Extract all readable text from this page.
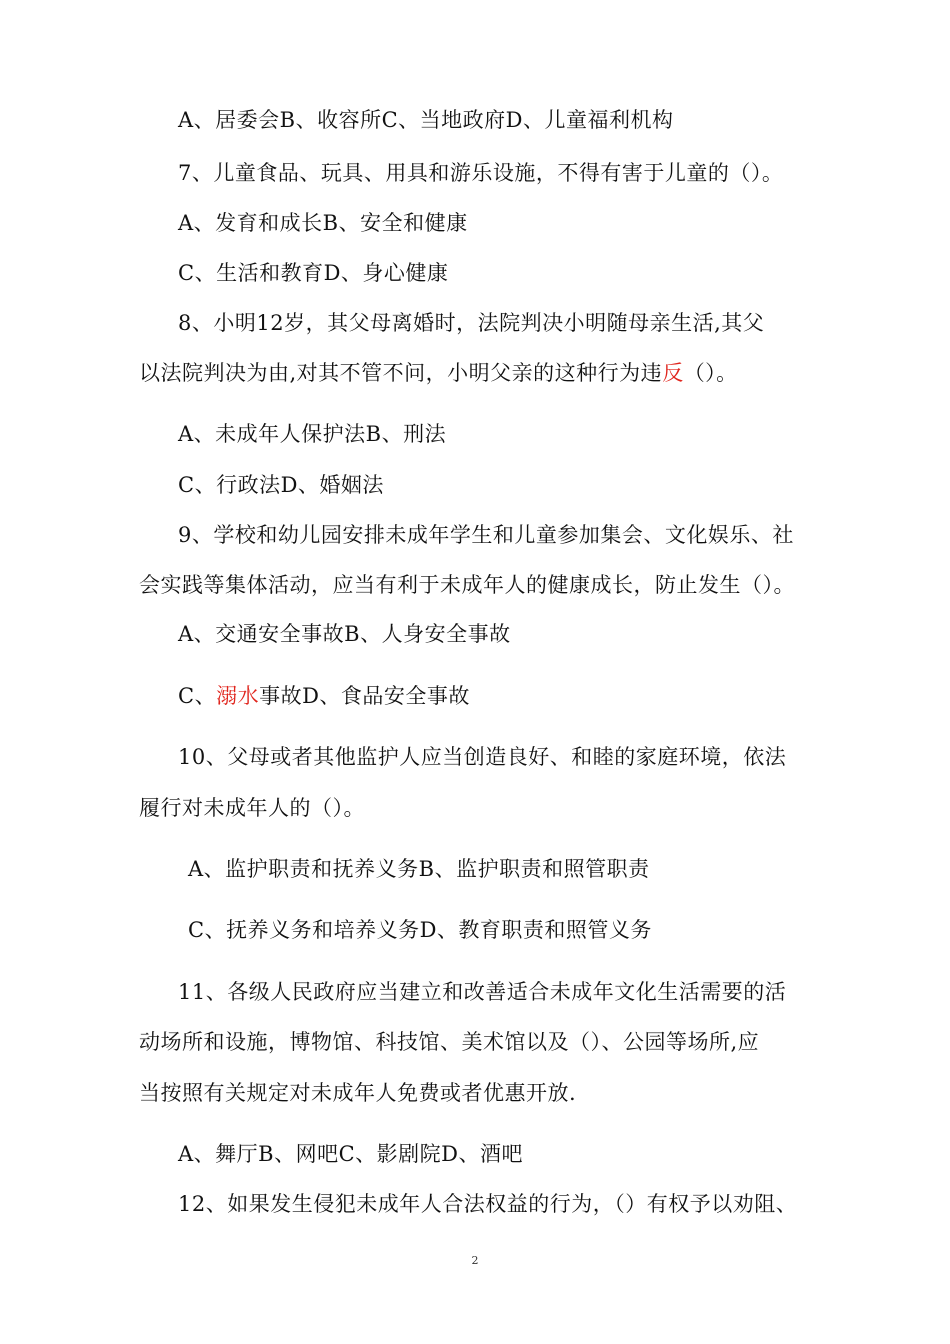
A、居委会B、收容所C、当地政府D、儿童福利机构
7、儿童食品、玩具、用具和游乐设施，不得有害于儿童的（）。
A、发育和成长B、安全和健康
C、生活和教育D、身心健康
8、小明12岁，其父母离婚时，法院判决小明随母亲生活,其父
以法院判决为由,对其不管不问，小明父亲的这种行为违反（）。
A、未成年人保护法B、刑法
C、行政法D、婚姻法
9、学校和幼儿园安排未成年学生和儿童参加集会、文化娱乐、社
会实践等集体活动，应当有利于未成年人的健康成长，防止发生（）。
A、交通安全事故B、人身安全事故
C、溺水事故D、食品安全事故
10、父母或者其他监护人应当创造良好、和睦的家庭环境，依法
履行对未成年人的（）。
A、监护职责和抚养义务B、监护职责和照管职责
C、抚养义务和培养义务D、教育职责和照管义务
11、各级人民政府应当建立和改善适合未成年文化生活需要的活
动场所和设施，博物馆、科技馆、美术馆以及（）、公园等场所,应
当按照有关规定对未成年人免费或者优惠开放.
A、舞厅B、网吧C、影剧院D、酒吧
12、如果发生侵犯未成年人合法权益的行为，（）有权予以劝阻、
2
